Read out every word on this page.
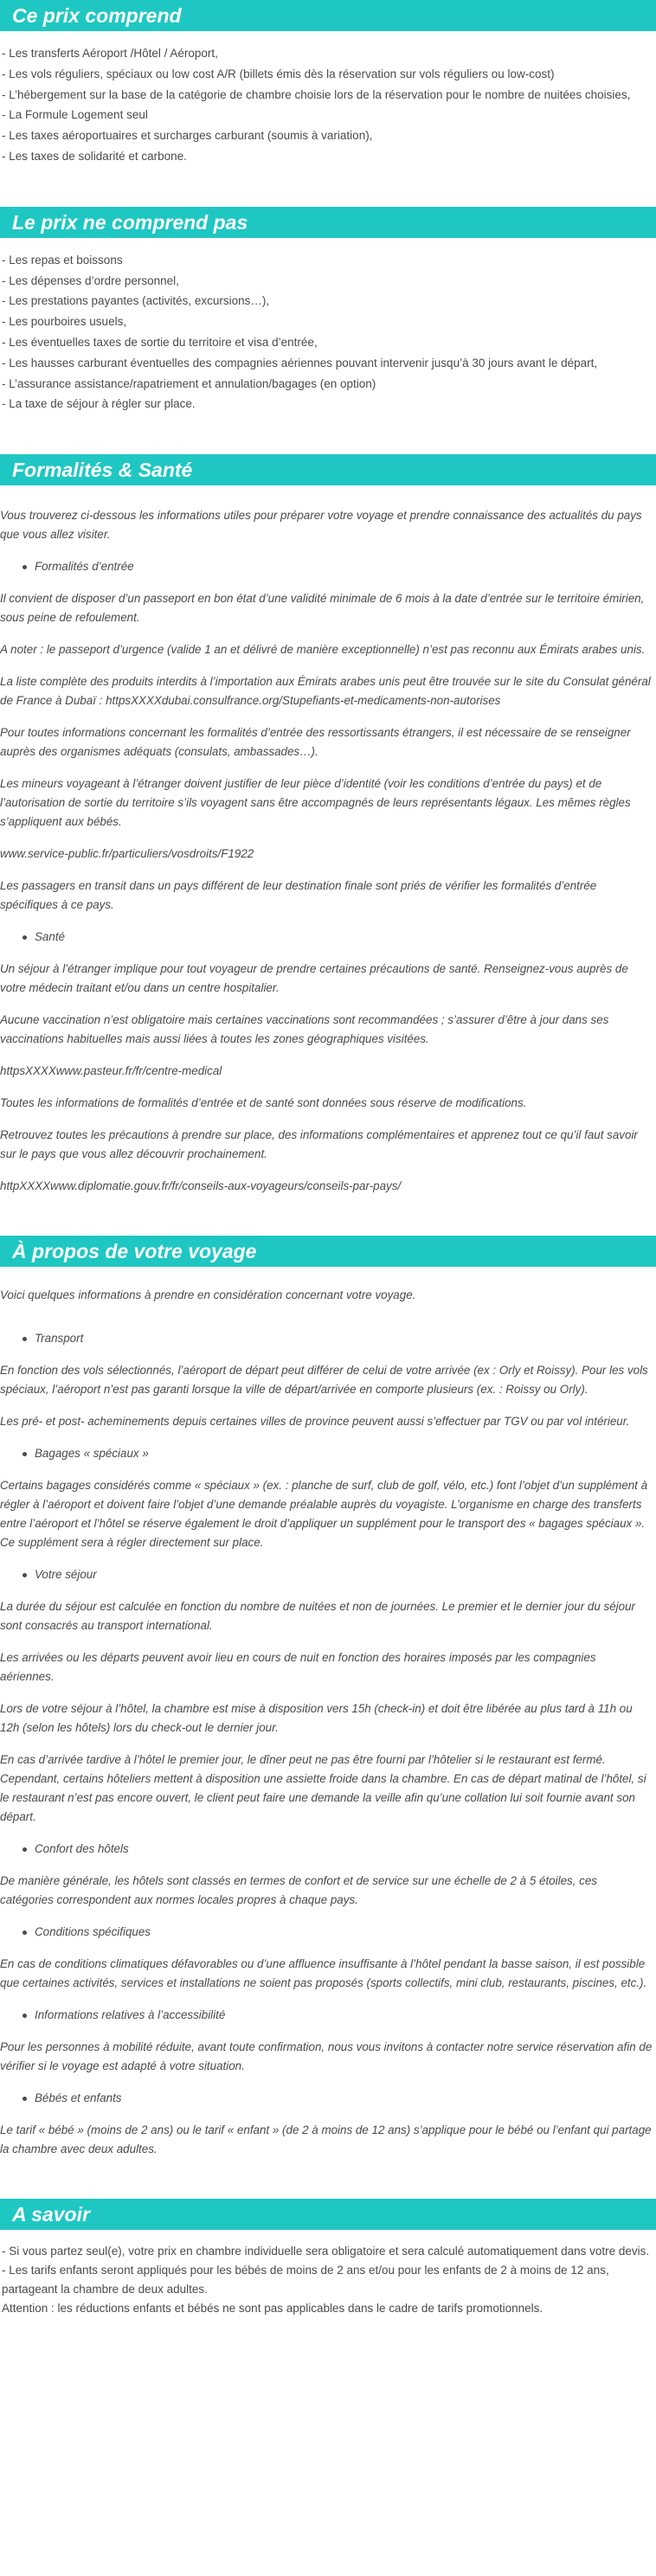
Ce prix comprend
- Les transferts Aéroport /Hôtel / Aéroport,
- Les vols réguliers, spéciaux ou low cost A/R (billets émis dès la réservation sur vols réguliers ou low-cost)
- L’hébergement sur la base de la catégorie de chambre choisie lors de la réservation pour le nombre de nuitées choisies,
- La Formule Logement seul
- Les taxes aéroportuaires et surcharges carburant (soumis à variation),
- Les taxes de solidarité et carbone.
Le prix ne comprend pas
- Les repas et boissons
- Les dépenses d’ordre personnel,
- Les prestations payantes (activités, excursions…),
- Les pourboires usuels,
- Les éventuelles taxes de sortie du territoire et visa d’entrée,
- Les hausses carburant éventuelles des compagnies aériennes pouvant intervenir jusqu’à 30 jours avant le départ,
- L’assurance assistance/rapatriement et annulation/bagages (en option)
- La taxe de séjour à régler sur place.
Formalités & Santé

Vous trouverez ci-dessous les informations utiles pour préparer votre voyage et prendre connaissance des actualités du pays que vous allez visiter.

Formalités d’entrée

Il convient de disposer d’un passeport en bon état d’une validité minimale de 6 mois à la date d’entrée sur le territoire émirien, sous peine de refoulement.

A noter : le passeport d’urgence (valide 1 an et délivré de manière exceptionnelle) n’est pas reconnu aux Émirats arabes unis.

La liste complète des produits interdits à l’importation aux Émirats arabes unis peut être trouvée sur le site du Consulat général de France à Dubaï : httpsXXXXdubai.consulfrance.org/Stupefiants-et-medicaments-non-autorises

Pour toutes informations concernant les formalités d’entrée des ressortissants étrangers, il est nécessaire de se renseigner auprès des organismes adéquats (consulats, ambassades…).

Les mineurs voyageant à l’étranger doivent justifier de leur pièce d’identité (voir les conditions d’entrée du pays) et de l’autorisation de sortie du territoire s’ils voyagent sans être accompagnés de leurs représentants légaux. Les mêmes règles s’appliquent aux bébés.

www.service-public.fr/particuliers/vosdroits/F1922

Les passagers en transit dans un pays différent de leur destination finale sont priés de vérifier les formalités d’entrée spécifiques à ce pays.

Santé

Un séjour à l’étranger implique pour tout voyageur de prendre certaines précautions de santé. Renseignez-vous auprès de votre médecin traitant et/ou dans un centre hospitalier.

Aucune vaccination n’est obligatoire mais certaines vaccinations sont recommandées ; s’assurer d’être à jour dans ses vaccinations habituelles mais aussi liées à toutes les zones géographiques visitées.

httpsXXXXwww.pasteur.fr/fr/centre-medical

Toutes les informations de formalités d’entrée et de santé sont données sous réserve de modifications.

Retrouvez toutes les précautions à prendre sur place, des informations complémentaires et apprenez tout ce qu’il faut savoir sur le pays que vous allez découvrir prochainement.

httpXXXXwww.diplomatie.gouv.fr/fr/conseils-aux-voyageurs/conseils-par-pays/

À propos de votre voyage

Voici quelques informations à prendre en considération concernant votre voyage.

Transport

En fonction des vols sélectionnés, l’aéroport de départ peut différer de celui de votre arrivée (ex : Orly et Roissy). Pour les vols spéciaux, l’aéroport n’est pas garanti lorsque la ville de départ/arrivée en comporte plusieurs (ex. : Roissy ou Orly).

Les pré- et post- acheminements depuis certaines villes de province peuvent aussi s’effectuer par TGV ou par vol intérieur.

Bagages « spéciaux »

Certains bagages considérés comme « spéciaux » (ex. : planche de surf, club de golf, vélo, etc.) font l’objet d’un supplément à régler à l’aéroport et doivent faire l’objet d’une demande préalable auprès du voyagiste. L’organisme en charge des transferts entre l’aéroport et l’hôtel se réserve également le droit d’appliquer un supplément pour le transport des « bagages spéciaux ». Ce supplément sera à régler directement sur place.

Votre séjour

La durée du séjour est calculée en fonction du nombre de nuitées et non de journées. Le premier et le dernier jour du séjour sont consacrés au transport international.

Les arrivées ou les départs peuvent avoir lieu en cours de nuit en fonction des horaires imposés par les compagnies aériennes.

Lors de votre séjour à l’hôtel, la chambre est mise à disposition vers 15h (check-in) et doit être libérée au plus tard à 11h ou 12h (selon les hôtels) lors du check-out le dernier jour.

En cas d’arrivée tardive à l’hôtel le premier jour, le dîner peut ne pas être fourni par l’hôtelier si le restaurant est fermé. Cependant, certains hôteliers mettent à disposition une assiette froide dans la chambre. En cas de départ matinal de l’hôtel, si le restaurant n’est pas encore ouvert, le client peut faire une demande la veille afin qu’une collation lui soit fournie avant son départ.

Confort des hôtels

De manière générale, les hôtels sont classés en termes de confort et de service sur une échelle de 2 à 5 étoiles, ces catégories correspondent aux normes locales propres à chaque pays.

Conditions spécifiques

En cas de conditions climatiques défavorables ou d’une affluence insuffisante à l’hôtel pendant la basse saison, il est possible que certaines activités, services et installations ne soient pas proposés (sports collectifs, mini club, restaurants, piscines, etc.).

Informations relatives à l’accessibilité

Pour les personnes à mobilité réduite, avant toute confirmation, nous vous invitons à contacter notre service réservation afin de vérifier si le voyage est adapté à votre situation.

Bébés et enfants

Le tarif « bébé » (moins de 2 ans) ou le tarif « enfant » (de 2 à moins de 12 ans) s’applique pour le bébé ou l’enfant qui partage la chambre avec deux adultes.

A savoir
- Si vous partez seul(e), votre prix en chambre individuelle sera obligatoire et sera calculé automatiquement dans votre devis.
- Les tarifs enfants seront appliqués pour les bébés de moins de 2 ans et/ou pour les enfants de 2 à moins de 12 ans, partageant la chambre de deux adultes.
Attention : les réductions enfants et bébés ne sont pas applicables dans le cadre de tarifs promotionnels.
